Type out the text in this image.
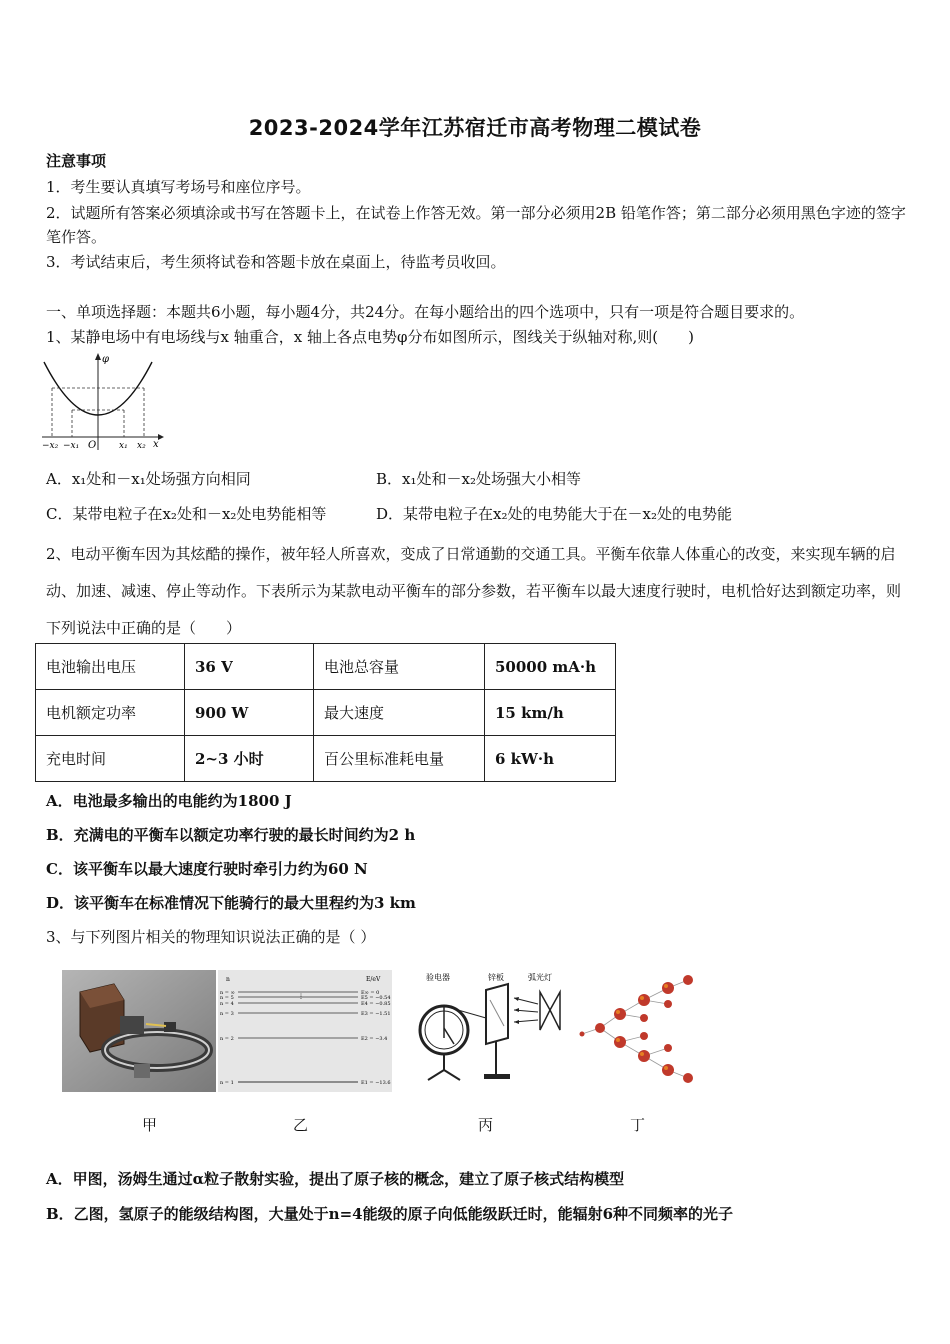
2023-2024学年江苏宿迁市高考物理二模试卷
注意事项
1．考生要认真填写考场号和座位序号。
2．试题所有答案必须填涂或书写在答题卡上，在试卷上作答无效。第一部分必须用2B 铅笔作答；第二部分必须用黑色字迹的签字笔作答。
3．考试结束后，考生须将试卷和答题卡放在桌面上，待监考员收回。
一、单项选择题：本题共6小题，每小题4分，共24分。在每小题给出的四个选项中，只有一项是符合题目要求的。
1、某静电场中有电场线与x 轴重合，x 轴上各点电势φ分布如图所示，图线关于纵轴对称,则(　　)
φ
x
O
−x₂ −x₁	x₁ x₂
A．x₁处和－x₁处场强方向相同	B．x₁处和－x₂处场强大小相等
C．某带电粒子在x₂处和－x₂处电势能相等	D．某带电粒子在x₂处的电势能大于在－x₂处的电势能
2、电动平衡车因为其炫酷的操作，被年轻人所喜欢，变成了日常通勤的交通工具。平衡车依靠人体重心的改变，来实现车辆的启动、加速、减速、停止等动作。下表所示为某款电动平衡车的部分参数，若平衡车以最大速度行驶时，电机恰好达到额定功率，则下列说法中正确的是（　　）
电池输出电压	36 V	电池总容量	50000 mA·h
电机额定功率	900 W	最大速度	15 km/h
充电时间	2~3 小时	百公里标准耗电量	6 kW·h
A．电池最多输出的电能约为1800 J
B．充满电的平衡车以额定功率行驶的最长时间约为2 h
C．该平衡车以最大速度行驶时牵引力约为60 N
D．该平衡车在标准情况下能骑行的最大里程约为3 km
3、与下列图片相关的物理知识说法正确的是（ ）
n	E/eV
⋮
n = ∞
n = 5
n = 4
n = 3
n = 2
n = 1
E∞ = 0
E5 = −0.54
E4 = −0.85
E3 = −1.51
E2 = −3.4
E1 = −13.6
验电器	锌板	弧光灯
甲	乙	丙	丁
A．甲图，汤姆生通过α粒子散射实验，提出了原子核的概念，建立了原子核式结构模型
B．乙图，氢原子的能级结构图，大量处于n=4能级的原子向低能级跃迁时，能辐射6种不同频率的光子
